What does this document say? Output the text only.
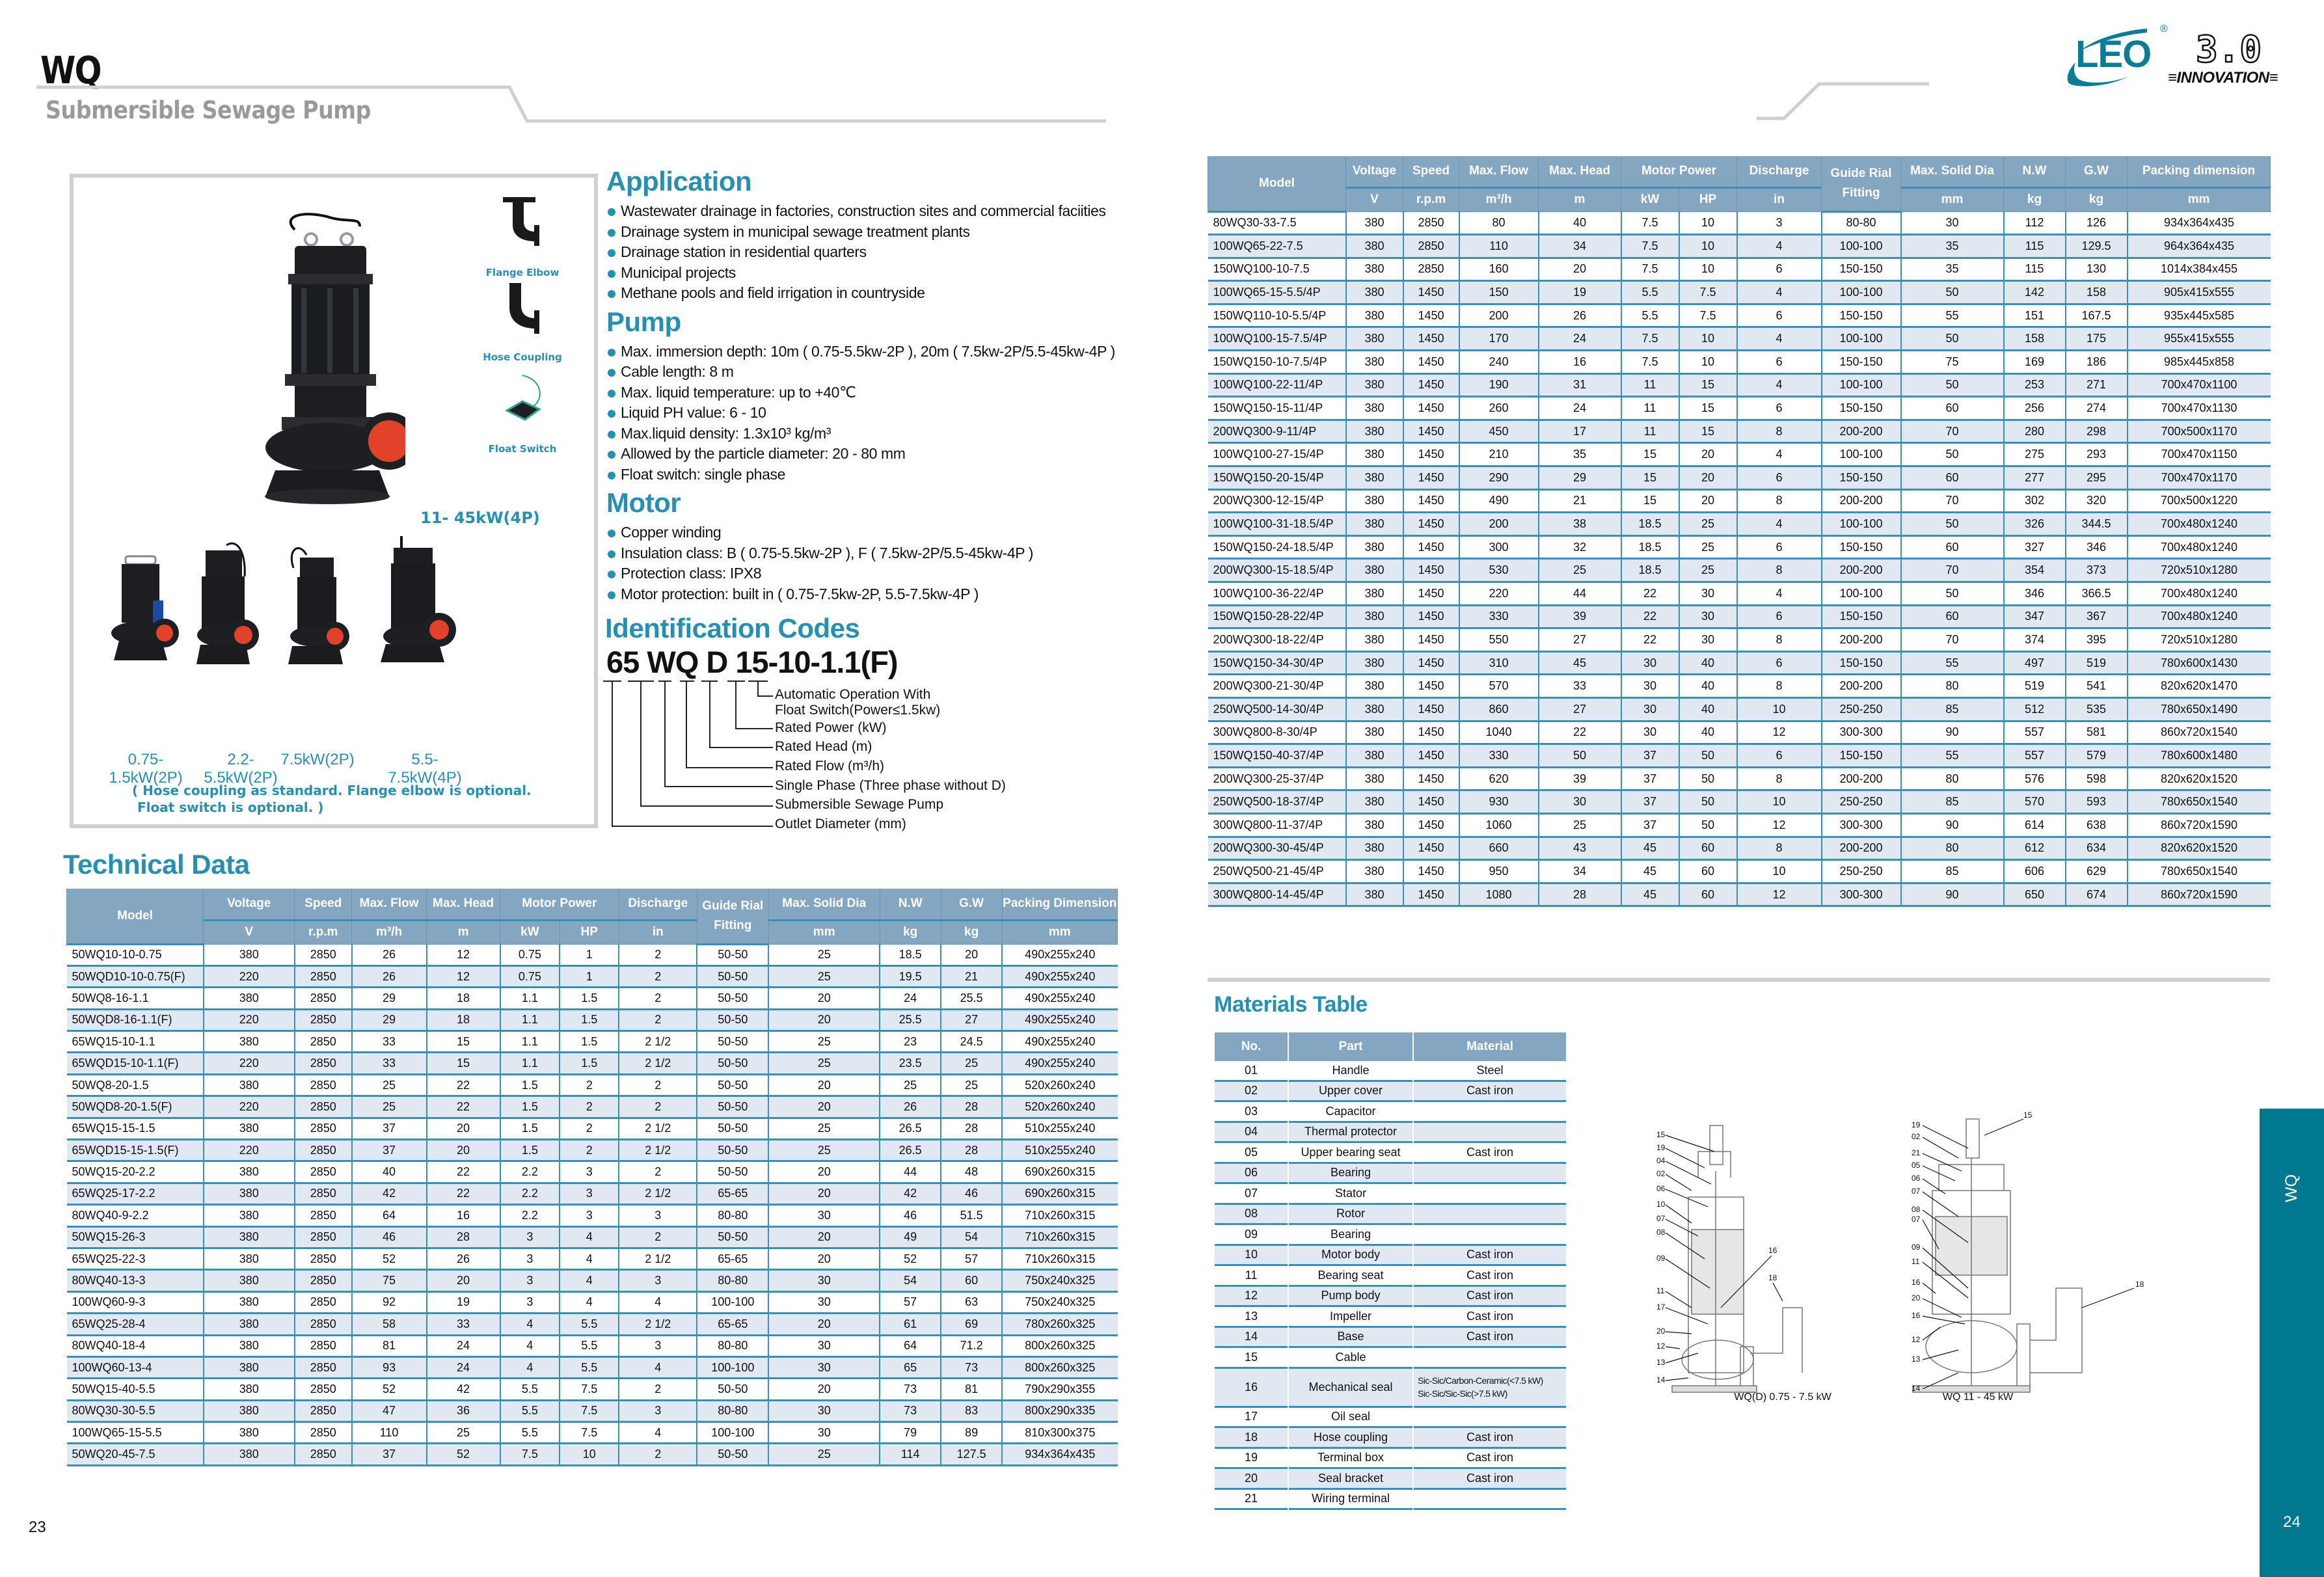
WQ
Submersible Sewage Pump
LEO
® 3.0
≡INNOVATION≡
11- 45kW(4P)
Flange Elbow
Hose Coupling
Float Switch
0.75-1.5kW(2P)
2.2-5.5kW(2P)
7.5kW(2P)	5.5-7.5kW(4P)
( Hose coupling as standard. Flange elbow is optional.
Float switch is optional. )
Application
Wastewater drainage in factories, construction sites and commercial faciities
Drainage system in municipal sewage treatment plants
Drainage station in residential quarters
Municipal projects
Methane pools and field irrigation in countryside
Pump
Max. immersion depth: 10m ( 0.75-5.5kw-2P ), 20m ( 7.5kw-2P/5.5-45kw-4P )
Cable length: 8 m
Max. liquid temperature: up to +40℃
Liquid PH value: 6 - 10
Max.liquid density: 1.3x10³ kg/m³
Allowed by the particle diameter: 20 - 80 mm
Float switch: single phase
Motor
Copper winding
Insulation class: B ( 0.75-5.5kw-2P ), F ( 7.5kw-2P/5.5-45kw-4P )
Protection class: IPX8
Motor protection: built in ( 0.75-7.5kw-2P, 5.5-7.5kw-4P )
Identification Codes
65 WQ D 15-10-1.1(F)
Automatic Operation With
Float Switch(Power≤1.5kw)
Rated Power (kW)
Rated Head (m)
Rated Flow (m³/h)
Single Phase (Three phase without D)
Submersible Sewage Pump
Outlet Diameter (mm)
Technical Data
Model	Voltage	Speed	Max. Flow	Max. Head	Motor Power		Discharge	Guide Rial Fitting	Max. Solid Dia	N.W	G.W	Packing Dimension
	V	r.p.m	m³/h	m	kW	HP	in		mm	kg	kg	mm
50WQ10-10-0.75	380	2850	26	12	0.75	1	2	50-50	25	18.5	20	490x255x240
50WQD10-10-0.75(F)	220	2850	26	12	0.75	1	2	50-50	25	19.5	21	490x255x240
50WQ8-16-1.1	380	2850	29	18	1.1	1.5	2	50-50	20	24	25.5	490x255x240
50WQD8-16-1.1(F)	220	2850	29	18	1.1	1.5	2	50-50	20	25.5	27	490x255x240
65WQ15-10-1.1	380	2850	33	15	1.1	1.5	2 1/2	50-50	25	23	24.5	490x255x240
65WQD15-10-1.1(F)	220	2850	33	15	1.1	1.5	2 1/2	50-50	25	23.5	25	490x255x240
50WQ8-20-1.5	380	2850	25	22	1.5	2	2	50-50	20	25	25	520x260x240
50WQD8-20-1.5(F)	220	2850	25	22	1.5	2	2	50-50	20	26	28	520x260x240
65WQ15-15-1.5	380	2850	37	20	1.5	2	2 1/2	50-50	25	26.5	28	510x255x240
65WQD15-15-1.5(F)	220	2850	37	20	1.5	2	2 1/2	50-50	25	26.5	28	510x255x240
50WQ15-20-2.2	380	2850	40	22	2.2	3	2	50-50	20	44	48	690x260x315
65WQ25-17-2.2	380	2850	42	22	2.2	3	2 1/2	65-65	20	42	46	690x260x315
80WQ40-9-2.2	380	2850	64	16	2.2	3	3	80-80	30	46	51.5	710x260x315
50WQ15-26-3	380	2850	46	28	3	4	2	50-50	20	49	54	710x260x315
65WQ25-22-3	380	2850	52	26	3	4	2 1/2	65-65	20	52	57	710x260x315
80WQ40-13-3	380	2850	75	20	3	4	3	80-80	30	54	60	750x240x325
100WQ60-9-3	380	2850	92	19	3	4	4	100-100	30	57	63	750x240x325
65WQ25-28-4	380	2850	58	33	4	5.5	2 1/2	65-65	20	61	69	780x260x325
80WQ40-18-4	380	2850	81	24	4	5.5	3	80-80	30	64	71.2	800x260x325
100WQ60-13-4	380	2850	93	24	4	5.5	4	100-100	30	65	73	800x260x325
50WQ15-40-5.5	380	2850	52	42	5.5	7.5	2	50-50	20	73	81	790x290x355
80WQ30-30-5.5	380	2850	47	36	5.5	7.5	3	80-80	30	73	83	800x290x335
100WQ65-15-5.5	380	2850	110	25	5.5	7.5	4	100-100	30	79	89	810x300x375
50WQ20-45-7.5	380	2850	37	52	7.5	10	2	50-50	25	114	127.5	934x364x435
Model	Voltage	Speed	Max. Flow	Max. Head	Motor Power		Discharge	Guide Rial Fitting	Max. Solid Dia	N.W	G.W	Packing dimension
	V	r.p.m	m³/h	m	kW	HP	in		mm	kg	kg	mm
80WQ30-33-7.5	380	2850	80	40	7.5	10	3	80-80	30	112	126	934x364x435
100WQ65-22-7.5	380	2850	110	34	7.5	10	4	100-100	35	115	129.5	964x364x435
150WQ100-10-7.5	380	2850	160	20	7.5	10	6	150-150	35	115	130	1014x384x455
100WQ65-15-5.5/4P	380	1450	150	19	5.5	7.5	4	100-100	50	142	158	905x415x555
150WQ110-10-5.5/4P	380	1450	200	26	5.5	7.5	6	150-150	55	151	167.5	935x445x585
100WQ100-15-7.5/4P	380	1450	170	24	7.5	10	4	100-100	50	158	175	955x415x555
150WQ150-10-7.5/4P	380	1450	240	16	7.5	10	6	150-150	75	169	186	985x445x858
100WQ100-22-11/4P	380	1450	190	31	11	15	4	100-100	50	253	271	700x470x1100
150WQ150-15-11/4P	380	1450	260	24	11	15	6	150-150	60	256	274	700x470x1130
200WQ300-9-11/4P	380	1450	450	17	11	15	8	200-200	70	280	298	700x500x1170
100WQ100-27-15/4P	380	1450	210	35	15	20	4	100-100	50	275	293	700x470x1150
150WQ150-20-15/4P	380	1450	290	29	15	20	6	150-150	60	277	295	700x470x1170
200WQ300-12-15/4P	380	1450	490	21	15	20	8	200-200	70	302	320	700x500x1220
100WQ100-31-18.5/4P	380	1450	200	38	18.5	25	4	100-100	50	326	344.5	700x480x1240
150WQ150-24-18.5/4P	380	1450	300	32	18.5	25	6	150-150	60	327	346	700x480x1240
200WQ300-15-18.5/4P	380	1450	530	25	18.5	25	8	200-200	70	354	373	720x510x1280
100WQ100-36-22/4P	380	1450	220	44	22	30	4	100-100	50	346	366.5	700x480x1240
150WQ150-28-22/4P	380	1450	330	39	22	30	6	150-150	60	347	367	700x480x1240
200WQ300-18-22/4P	380	1450	550	27	22	30	8	200-200	70	374	395	720x510x1280
150WQ150-34-30/4P	380	1450	310	45	30	40	6	150-150	55	497	519	780x600x1430
200WQ300-21-30/4P	380	1450	570	33	30	40	8	200-200	80	519	541	820x620x1470
250WQ500-14-30/4P	380	1450	860	27	30	40	10	250-250	85	512	535	780x650x1490
300WQ800-8-30/4P	380	1450	1040	22	30	40	12	300-300	90	557	581	860x720x1540
150WQ150-40-37/4P	380	1450	330	50	37	50	6	150-150	55	557	579	780x600x1480
200WQ300-25-37/4P	380	1450	620	39	37	50	8	200-200	80	576	598	820x620x1520
250WQ500-18-37/4P	380	1450	930	30	37	50	10	250-250	85	570	593	780x650x1540
300WQ800-11-37/4P	380	1450	1060	25	37	50	12	300-300	90	614	638	860x720x1590
200WQ300-30-45/4P	380	1450	660	43	45	60	8	200-200	80	612	634	820x620x1520
250WQ500-21-45/4P	380	1450	950	34	45	60	10	250-250	85	606	629	780x650x1540
300WQ800-14-45/4P	380	1450	1080	28	45	60	12	300-300	90	650	674	860x720x1590
Materials Table
No.	Part	Material
01	Handle	Steel
02	Upper cover	Cast iron
03	Capacitor	
04	Thermal protector	
05	Upper bearing seat	Cast iron
06	Bearing	
07	Stator	
08	Rotor	
09	Bearing	
10	Motor body	Cast iron
11	Bearing seat	Cast iron
12	Pump body	Cast iron
13	Impeller	Cast iron
14	Base	Cast iron
15	Cable	
16	Mechanical seal	Sic-Sic/Carbon-Ceramic(<7.5 kW)
Sic-Sic/Sic-Sic(>7.5 kW)

17	Oil seal	
18	Hose coupling	Cast iron
19	Terminal box	Cast iron
20	Seal bracket	Cast iron
21	Wiring terminal	
15
19
04
02
06
10
07
08
09
11
17
20
12
13
14
16
18
WQ(D) 0.75 - 7.5 kW
19
02
21
05
06
07
08
07
09
11
16
20
16
12
13
14
15
18
WQ 11 - 45 kW
23
WQ
24
